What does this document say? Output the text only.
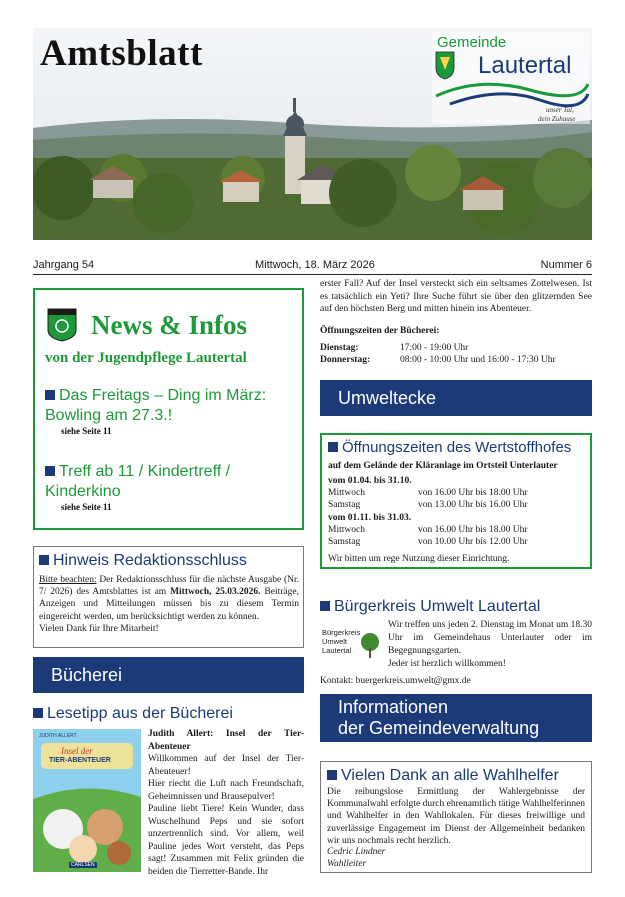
Amtsblatt	Gemeinde
Lautertal
unser Tal,
dein Zuhause
Jahrgang 54	Mittwoch, 18. März 2026	Nummer 6
News & Infos
von der Jugendpflege Lautertal
Das Freitags – Ding im März:
Bowling am 27.3.!
siehe Seite 11
Treff ab 11 / Kindertreff /
Kinderkino
siehe Seite 11
Hinweis Redaktionsschluss
Bitte beachten: Der Redaktionsschluss für die nächste Ausgabe (Nr. 7/ 2026) des Amtsblattes ist am Mittwoch, 25.03.2026. Beiträge, Anzeigen und Mitteilungen müssen bis zu diesem Termin eingereicht werden, um berücksichtigt werden zu können.
Vielen Dank für Ihre Mitarbeit!
Bücherei
Lesetipp aus der Bücherei
JUDITH ALLERT
Insel der
TIER-ABENTEUER
CARLSEN
Judith Allert: Insel der Tier-Abenteuer
Willkommen auf der Insel der Tier-Abenteuer!
Hier riecht die Luft nach Freundschaft, Geheimnissen und Brausepulver!
Pauline liebt Tiere! Kein Wunder, dass Wuschelhund Peps und sie sofort unzertrennlich sind. Vor allem, weil Pauline jedes Wort versteht, das Peps sagt! Zusammen mit Felix gründen die beiden die Tierretter-Bande. Ihr
erster Fall? Auf der Insel versteckt sich ein seltsames Zottelwesen. Ist es tatsächlich ein Yeti? Ihre Suche führt sie über den glitzernden See auf den höchsten Berg und mitten hinein ins Abenteuer.
Öffnungszeiten der Bücherei:
Dienstag:	17:00 - 19:00 Uhr
Donnerstag:	08:00 - 10:00 Uhr und 16:00 - 17:30 Uhr
Umweltecke
Öffnungszeiten des Wertstoffhofes
auf dem Gelände der Kläranlage im Ortsteil Unterlauter
vom 01.04. bis 31.10.
Mittwoch	von 16.00 Uhr bis 18.00 Uhr
Samstag	von 13.00 Uhr bis 16.00 Uhr
vom 01.11. bis 31.03.
Mittwoch	von 16.00 Uhr bis 18.00 Uhr
Samstag	von 10.00 Uhr bis 12.00 Uhr
Wir bitten um rege Nutzung dieser Einrichtung.
Bürgerkreis Umwelt Lautertal
Bürgerkreis
Umwelt
Lautertal
Wir treffen uns jeden 2. Dienstag im Monat um 18.30 Uhr im Gemeindehaus Unterlauter oder im Begegnungsgarten.
Jeder ist herzlich willkommen!
Kontakt: buergerkreis.umwelt@gmx.de
Informationen
der Gemeindeverwaltung
Vielen Dank an alle Wahlhelfer
Die reibungslose Ermittlung der Wahlergebnisse der Kommunalwahl erfolgte durch ehrenamtlich tätige Wahlhelferinnen und Wahlhelfer in den Wahllokalen. Für dieses freiwillige und zuverlässige Engagement im Dienst der Allgemeinheit bedanken wir uns nochmals recht herzlich.
Cedric Lindner
Wahlleiter
